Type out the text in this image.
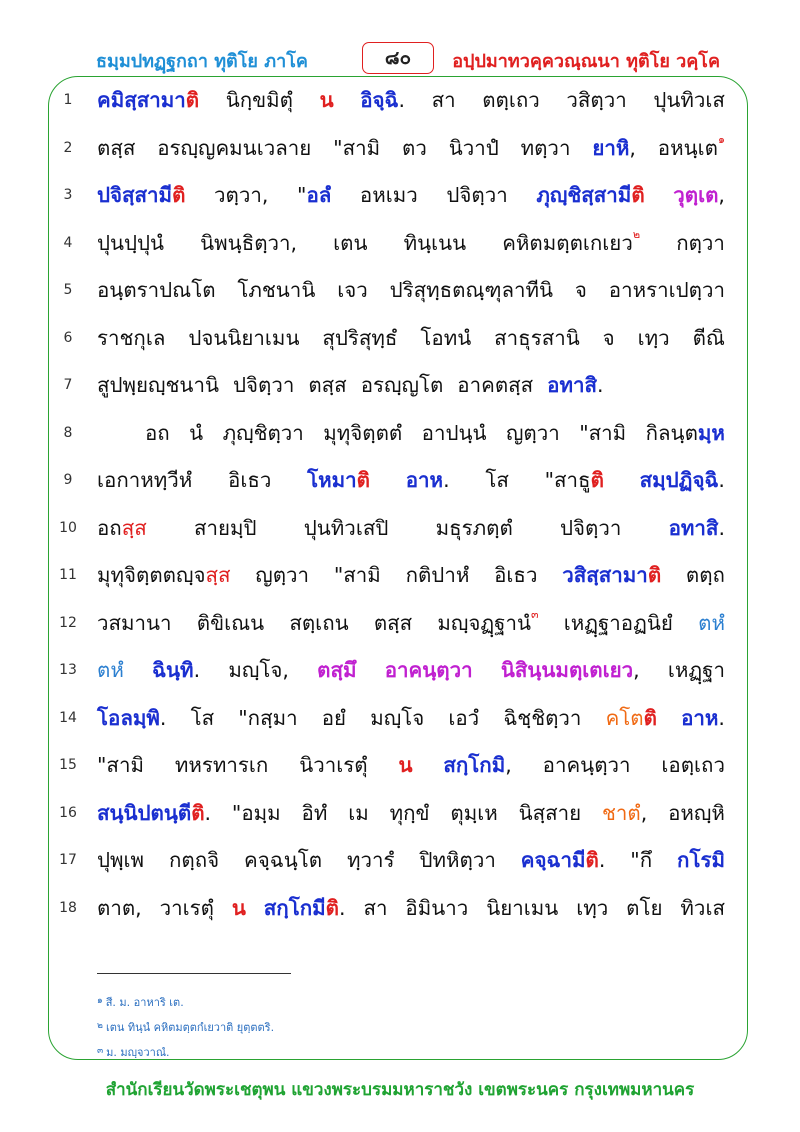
ธมฺมปทฏฺฐกถา ทุติโย ภาโค	๘๐	อปฺปมาทวคฺควณฺณนา ทุติโย วคฺโค
1	คมิสฺสามาติ นิกฺขมิตุํ น อิจฺฉิ. สา ตตฺเถว วสิตฺวา ปุนทิวเส
2	ตสฺส อรญฺญคมนเวลาย "สามิ ตว นิวาปํ ทตฺวา ยาหิ, อหนฺเต$^๑$
3	ปจิสฺสามีติ วตฺวา, "อลํ อหเมว ปจิตฺวา ภุญฺชิสฺสามีติ วุตฺเต,
4	ปุนปฺปุนํ นิพนฺธิตฺวา, เตน ทินฺเนน คหิตมตฺตเกเยว$^๒$ กตฺวา
5	อนฺตราปณโต โภชนานิ เจว ปริสุทฺธตณฺฑุลาทีนิ จ อาหราเปตฺวา
6	ราชกุเล ปจนนิยาเมน สุปริสุทฺธํ โอทนํ สาธุรสานิ จ เทฺว ตีณิ
7	สูปพฺยญฺชนานิ ปจิตฺวา ตสฺส อรญฺญโต อาคตสฺส อทาสิ.
8	อถ นํ ภุญฺชิตฺวา มุทุจิตฺตตํ อาปนฺนํ ญตฺวา "สามิ กิลนฺตมฺห
9	เอกาหทฺวีหํ อิเธว โหมาติ อาห. โส "สาธูติ สมฺปฏิจฺฉิ.
10 อถสฺส สายมฺปิ ปุนทิวเสปิ มธุรภตฺตํ ปจิตฺวา อทาสิ.
11 มุทุจิตฺตตญฺจสฺส ญตฺวา "สามิ กติปาหํ อิเธว วสิสฺสามาติ ตตฺถ
12 วสมานา ติขิเณน สตฺเถน ตสฺส มญฺจฏฺฐานํ$^๓$ เหฏฺฐาอฏนิยํ ตหํ
13 ตหํ ฉินฺทิ. มญฺโจ, ตสฺมึ อาคนฺตฺวา นิสินฺนมตฺเตเยว, เหฏฺฐา
14 โอลมฺพิ. โส "กสฺมา อยํ มญฺโจ เอวํ ฉิชฺชิตฺวา คโตติ อาห.
15 "สามิ ทหรทารเก นิวาเรตุํ น สกฺโกมิ, อาคนฺตฺวา เอตฺเถว
16 สนฺนิปตนฺตีติ. "อมฺม อิทํ เม ทุกฺขํ ตุมฺเห นิสฺสาย ชาตํ, อหญฺหิ
17 ปุพฺเพ กตฺถจิ คจฺฉนฺโต ทฺวารํ ปิทหิตฺวา คจฺฉามีติ. "กึ กโรมิ
18 ตาต, วาเรตุํ น สกฺโกมีติ. สา อิมินาว นิยาเมน เทฺว ตโย ทิวเส
$^๑$ สี. ม. อาหาริ เต.
$^๒$ เตน ทินฺนํ คหิตมตฺตกํเยวาติ ยุตฺตตริ.
$^๓$ ม. มญฺจวาณํ.
สำนักเรียนวัดพระเชตุพน แขวงพระบรมมหาราชวัง เขตพระนคร กรุงเทพมหานคร
